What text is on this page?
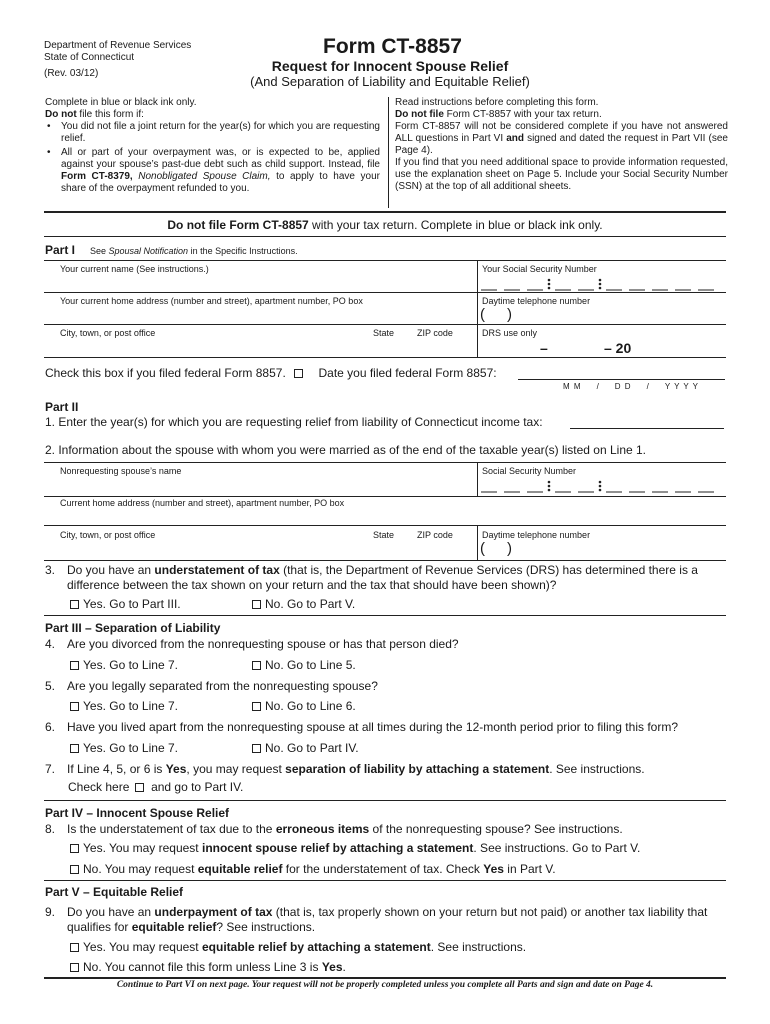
Department of Revenue Services
State of Connecticut
(Rev. 03/12)
Form CT-8857
Request for Innocent Spouse Relief
(And Separation of Liability and Equitable Relief)
Complete in blue or black ink only.
Do not file this form if:
• You did not file a joint return for the year(s) for which you are requesting relief.
• All or part of your overpayment was, or is expected to be, applied against your spouse’s past-due debt such as child support. Instead, file Form CT-8379, Nonobligated Spouse Claim, to apply to have your share of the overpayment refunded to you.
Read instructions before completing this form.
Do not file Form CT-8857 with your tax return.
Form CT-8857 will not be considered complete if you have not answered ALL questions in Part VI and signed and dated the request in Part VII (see Page 4).
If you find that you need additional space to provide information requested, use the explanation sheet on Page 5. Include your Social Security Number (SSN) at the top of all additional sheets.
Do not file Form CT-8857 with your tax return. Complete in blue or black ink only.
Part I See Spousal Notification in the Specific Instructions.
Your current name (See instructions.)	Your Social Security Number
Your current home address (number and street), apartment number, PO box	Daytime telephone number
( )
City, town, or post office	State	ZIP code	DRS use only
–	– 20
Check this box if you filed federal Form 8857.	Date you filed federal Form 8857:
M M / D D / Y Y Y Y
Part II
1. Enter the year(s) for which you are requesting relief from liability of Connecticut income tax:
2. Information about the spouse with whom you were married as of the end of the taxable year(s) listed on Line 1.
Nonrequesting spouse’s name	Social Security Number
Current home address (number and street), apartment number, PO box
City, town, or post office	State	ZIP code	Daytime telephone number
( )
3. Do you have an understatement of tax (that is, the Department of Revenue Services (DRS) has determined there is a difference between the tax shown on your return and the tax that should have been shown)?
Yes. Go to Part III.	No. Go to Part V.
Part III – Separation of Liability
4. Are you divorced from the nonrequesting spouse or has that person died?
Yes. Go to Line 7.	No. Go to Line 5.
5. Are you legally separated from the nonrequesting spouse?
Yes. Go to Line 7.	No. Go to Line 6.
6. Have you lived apart from the nonrequesting spouse at all times during the 12-month period prior to filing this form?
Yes. Go to Line 7.	No. Go to Part IV.
7. If Line 4, 5, or 6 is Yes, you may request separation of liability by attaching a statement. See instructions.
Check here and go to Part IV.
Part IV – Innocent Spouse Relief
8. Is the understatement of tax due to the erroneous items of the nonrequesting spouse? See instructions.
Yes. You may request innocent spouse relief by attaching a statement. See instructions. Go to Part V.
No. You may request equitable relief for the understatement of tax. Check Yes in Part V.
Part V – Equitable Relief
9. Do you have an underpayment of tax (that is, tax properly shown on your return but not paid) or another tax liability that qualifies for equitable relief? See instructions.
Yes. You may request equitable relief by attaching a statement. See instructions.
No. You cannot file this form unless Line 3 is Yes.
Continue to Part VI on next page. Your request will not be properly completed unless you complete all Parts and sign and date on Page 4.
